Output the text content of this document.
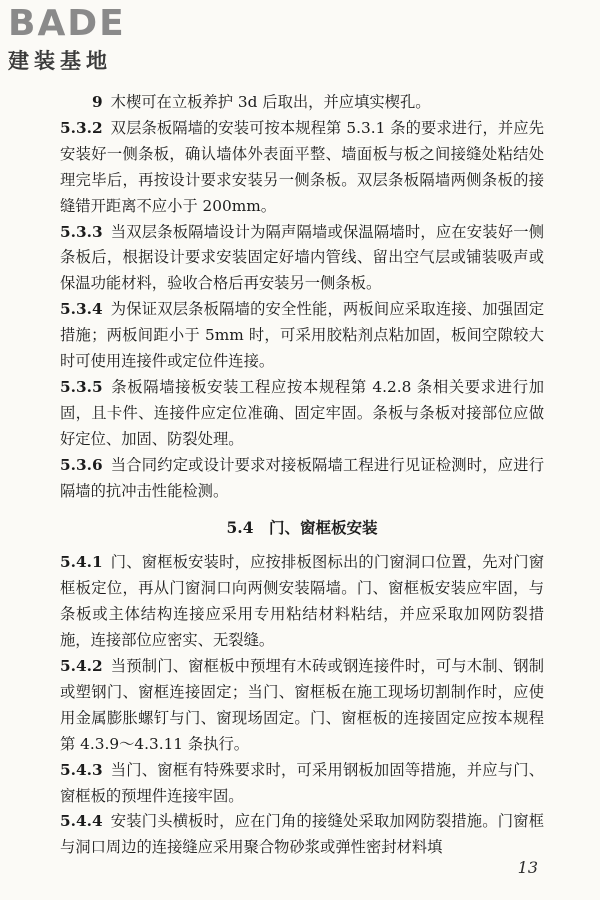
BADE
建装基地

9 木楔可在立板养护 3d 后取出，并应填实楔孔。

5.3.2 双层条板隔墙的安装可按本规程第 5.3.1 条的要求进行，并应先安装好一侧条板，确认墙体外表面平整、墙面板与板之间接缝处粘结处理完毕后，再按设计要求安装另一侧条板。双层条板隔墙两侧条板的接缝错开距离不应小于 200mm。

5.3.3 当双层条板隔墙设计为隔声隔墙或保温隔墙时，应在安装好一侧条板后，根据设计要求安装固定好墙内管线、留出空气层或铺装吸声或保温功能材料，验收合格后再安装另一侧条板。

5.3.4 为保证双层条板隔墙的安全性能，两板间应采取连接、加强固定措施；两板间距小于 5mm 时，可采用胶粘剂点粘加固，板间空隙较大时可使用连接件或定位件连接。

5.3.5 条板隔墙接板安装工程应按本规程第 4.2.8 条相关要求进行加固，且卡件、连接件应定位准确、固定牢固。条板与条板对接部位应做好定位、加固、防裂处理。

5.3.6 当合同约定或设计要求对接板隔墙工程进行见证检测时，应进行隔墙的抗冲击性能检测。

5.4　门、窗框板安装

5.4.1 门、窗框板安装时，应按排板图标出的门窗洞口位置，先对门窗框板定位，再从门窗洞口向两侧安装隔墙。门、窗框板安装应牢固，与条板或主体结构连接应采用专用粘结材料粘结，并应采取加网防裂措施，连接部位应密实、无裂缝。

5.4.2 当预制门、窗框板中预埋有木砖或钢连接件时，可与木制、钢制或塑钢门、窗框连接固定；当门、窗框板在施工现场切割制作时，应使用金属膨胀螺钉与门、窗现场固定。门、窗框板的连接固定应按本规程第 4.3.9～4.3.11 条执行。

5.4.3 当门、窗框有特殊要求时，可采用钢板加固等措施，并应与门、窗框板的预埋件连接牢固。

5.4.4 安装门头横板时，应在门角的接缝处采取加网防裂措施。门窗框与洞口周边的连接缝应采用聚合物砂浆或弹性密封材料填

13
